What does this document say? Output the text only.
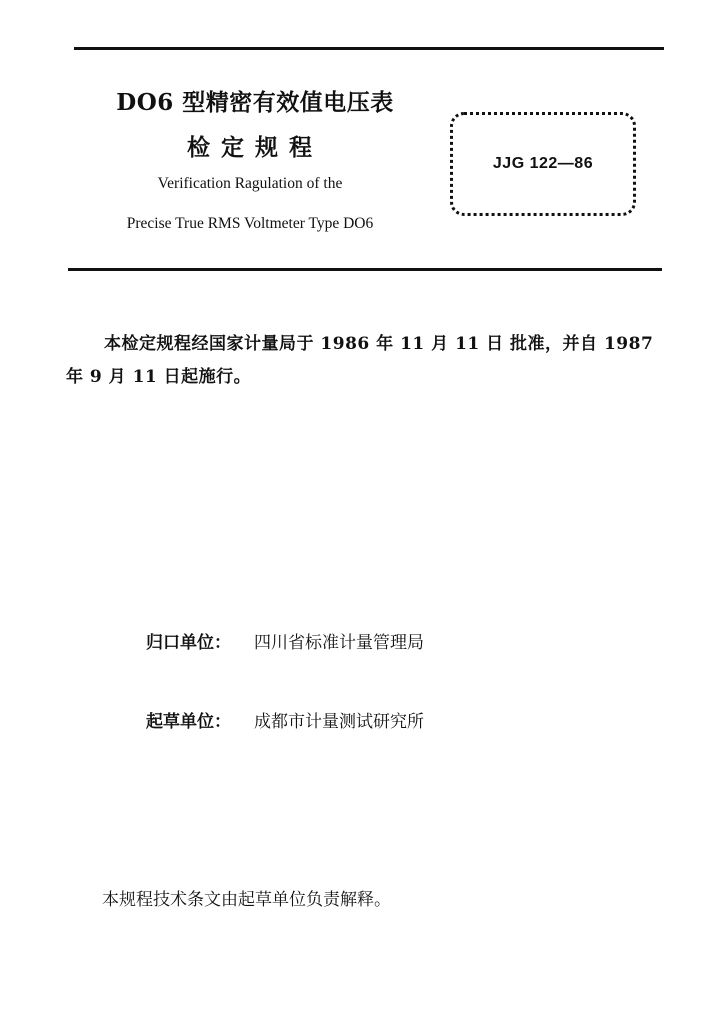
DO6 型精密有效值电压表
检定规程
Verification Ragulation of the
Precise True RMS Voltmeter Type DO6
JJG 122—86
本检定规程经国家计量局于 1986 年 11 月 11 日 批准，并自 1987 年 9 月 11 日起施行。
归口单位： 四川省标准计量管理局
起草单位： 成都市计量测试研究所
本规程技术条文由起草单位负责解释。
